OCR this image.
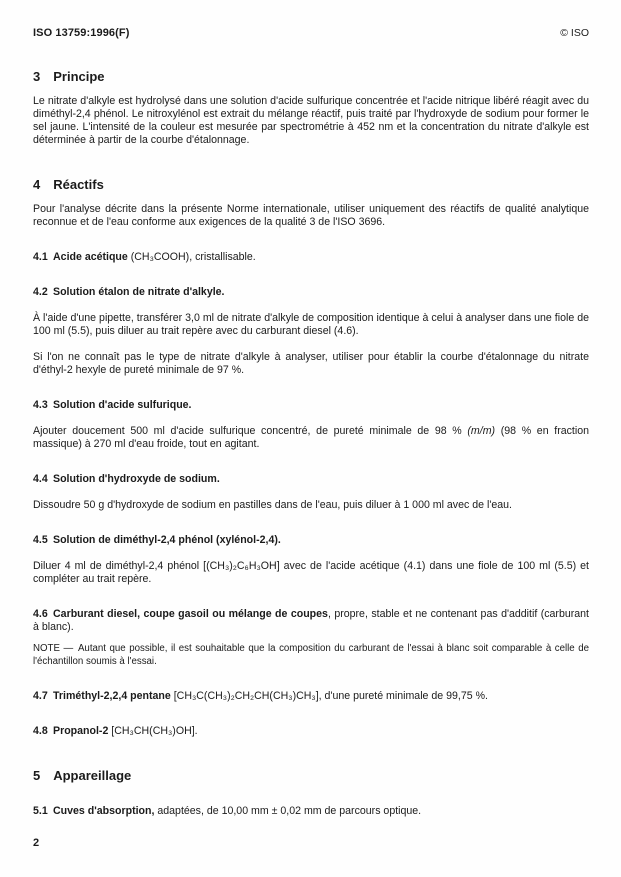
ISO 13759:1996(F)	© ISO
3 Principe

Le nitrate d'alkyle est hydrolysé dans une solution d'acide sulfurique concentrée et l'acide nitrique libéré réagit avec du diméthyl-2,4 phénol. Le nitroxylénol est extrait du mélange réactif, puis traité par l'hydroxyde de sodium pour former le sel jaune. L'intensité de la couleur est mesurée par spectrométrie à 452 nm et la concentration du nitrate d'alkyle est déterminée à partir de la courbe d'étalonnage.

4 Réactifs

Pour l'analyse décrite dans la présente Norme internationale, utiliser uniquement des réactifs de qualité analytique reconnue et de l'eau conforme aux exigences de la qualité 3 de l'ISO 3696.

4.1 Acide acétique (CH₃COOH), cristallisable.

4.2 Solution étalon de nitrate d'alkyle.

À l'aide d'une pipette, transférer 3,0 ml de nitrate d'alkyle de composition identique à celui à analyser dans une fiole de 100 ml (5.5), puis diluer au trait repère avec du carburant diesel (4.6).

Si l'on ne connaît pas le type de nitrate d'alkyle à analyser, utiliser pour établir la courbe d'étalonnage du nitrate d'éthyl-2 hexyle de pureté minimale de 97 %.

4.3 Solution d'acide sulfurique.

Ajouter doucement 500 ml d'acide sulfurique concentré, de pureté minimale de 98 % (m/m) (98 % en fraction massique) à 270 ml d'eau froide, tout en agitant.

4.4 Solution d'hydroxyde de sodium.

Dissoudre 50 g d'hydroxyde de sodium en pastilles dans de l'eau, puis diluer à 1 000 ml avec de l'eau.

4.5 Solution de diméthyl-2,4 phénol (xylénol-2,4).

Diluer 4 ml de diméthyl-2,4 phénol [(CH₃)₂C₆H₃OH] avec de l'acide acétique (4.1) dans une fiole de 100 ml (5.5) et compléter au trait repère.

4.6 Carburant diesel, coupe gasoil ou mélange de coupes, propre, stable et ne contenant pas d'additif (carburant à blanc).

NOTE — Autant que possible, il est souhaitable que la composition du carburant de l'essai à blanc soit comparable à celle de l'échantillon soumis à l'essai.

4.7 Triméthyl-2,2,4 pentane [CH₃C(CH₃)₂CH₂CH(CH₃)CH₃], d'une pureté minimale de 99,75 %.

4.8 Propanol-2 [CH₃CH(CH₃)OH].

5 Appareillage

5.1 Cuves d'absorption, adaptées, de 10,00 mm ± 0,02 mm de parcours optique.

2
